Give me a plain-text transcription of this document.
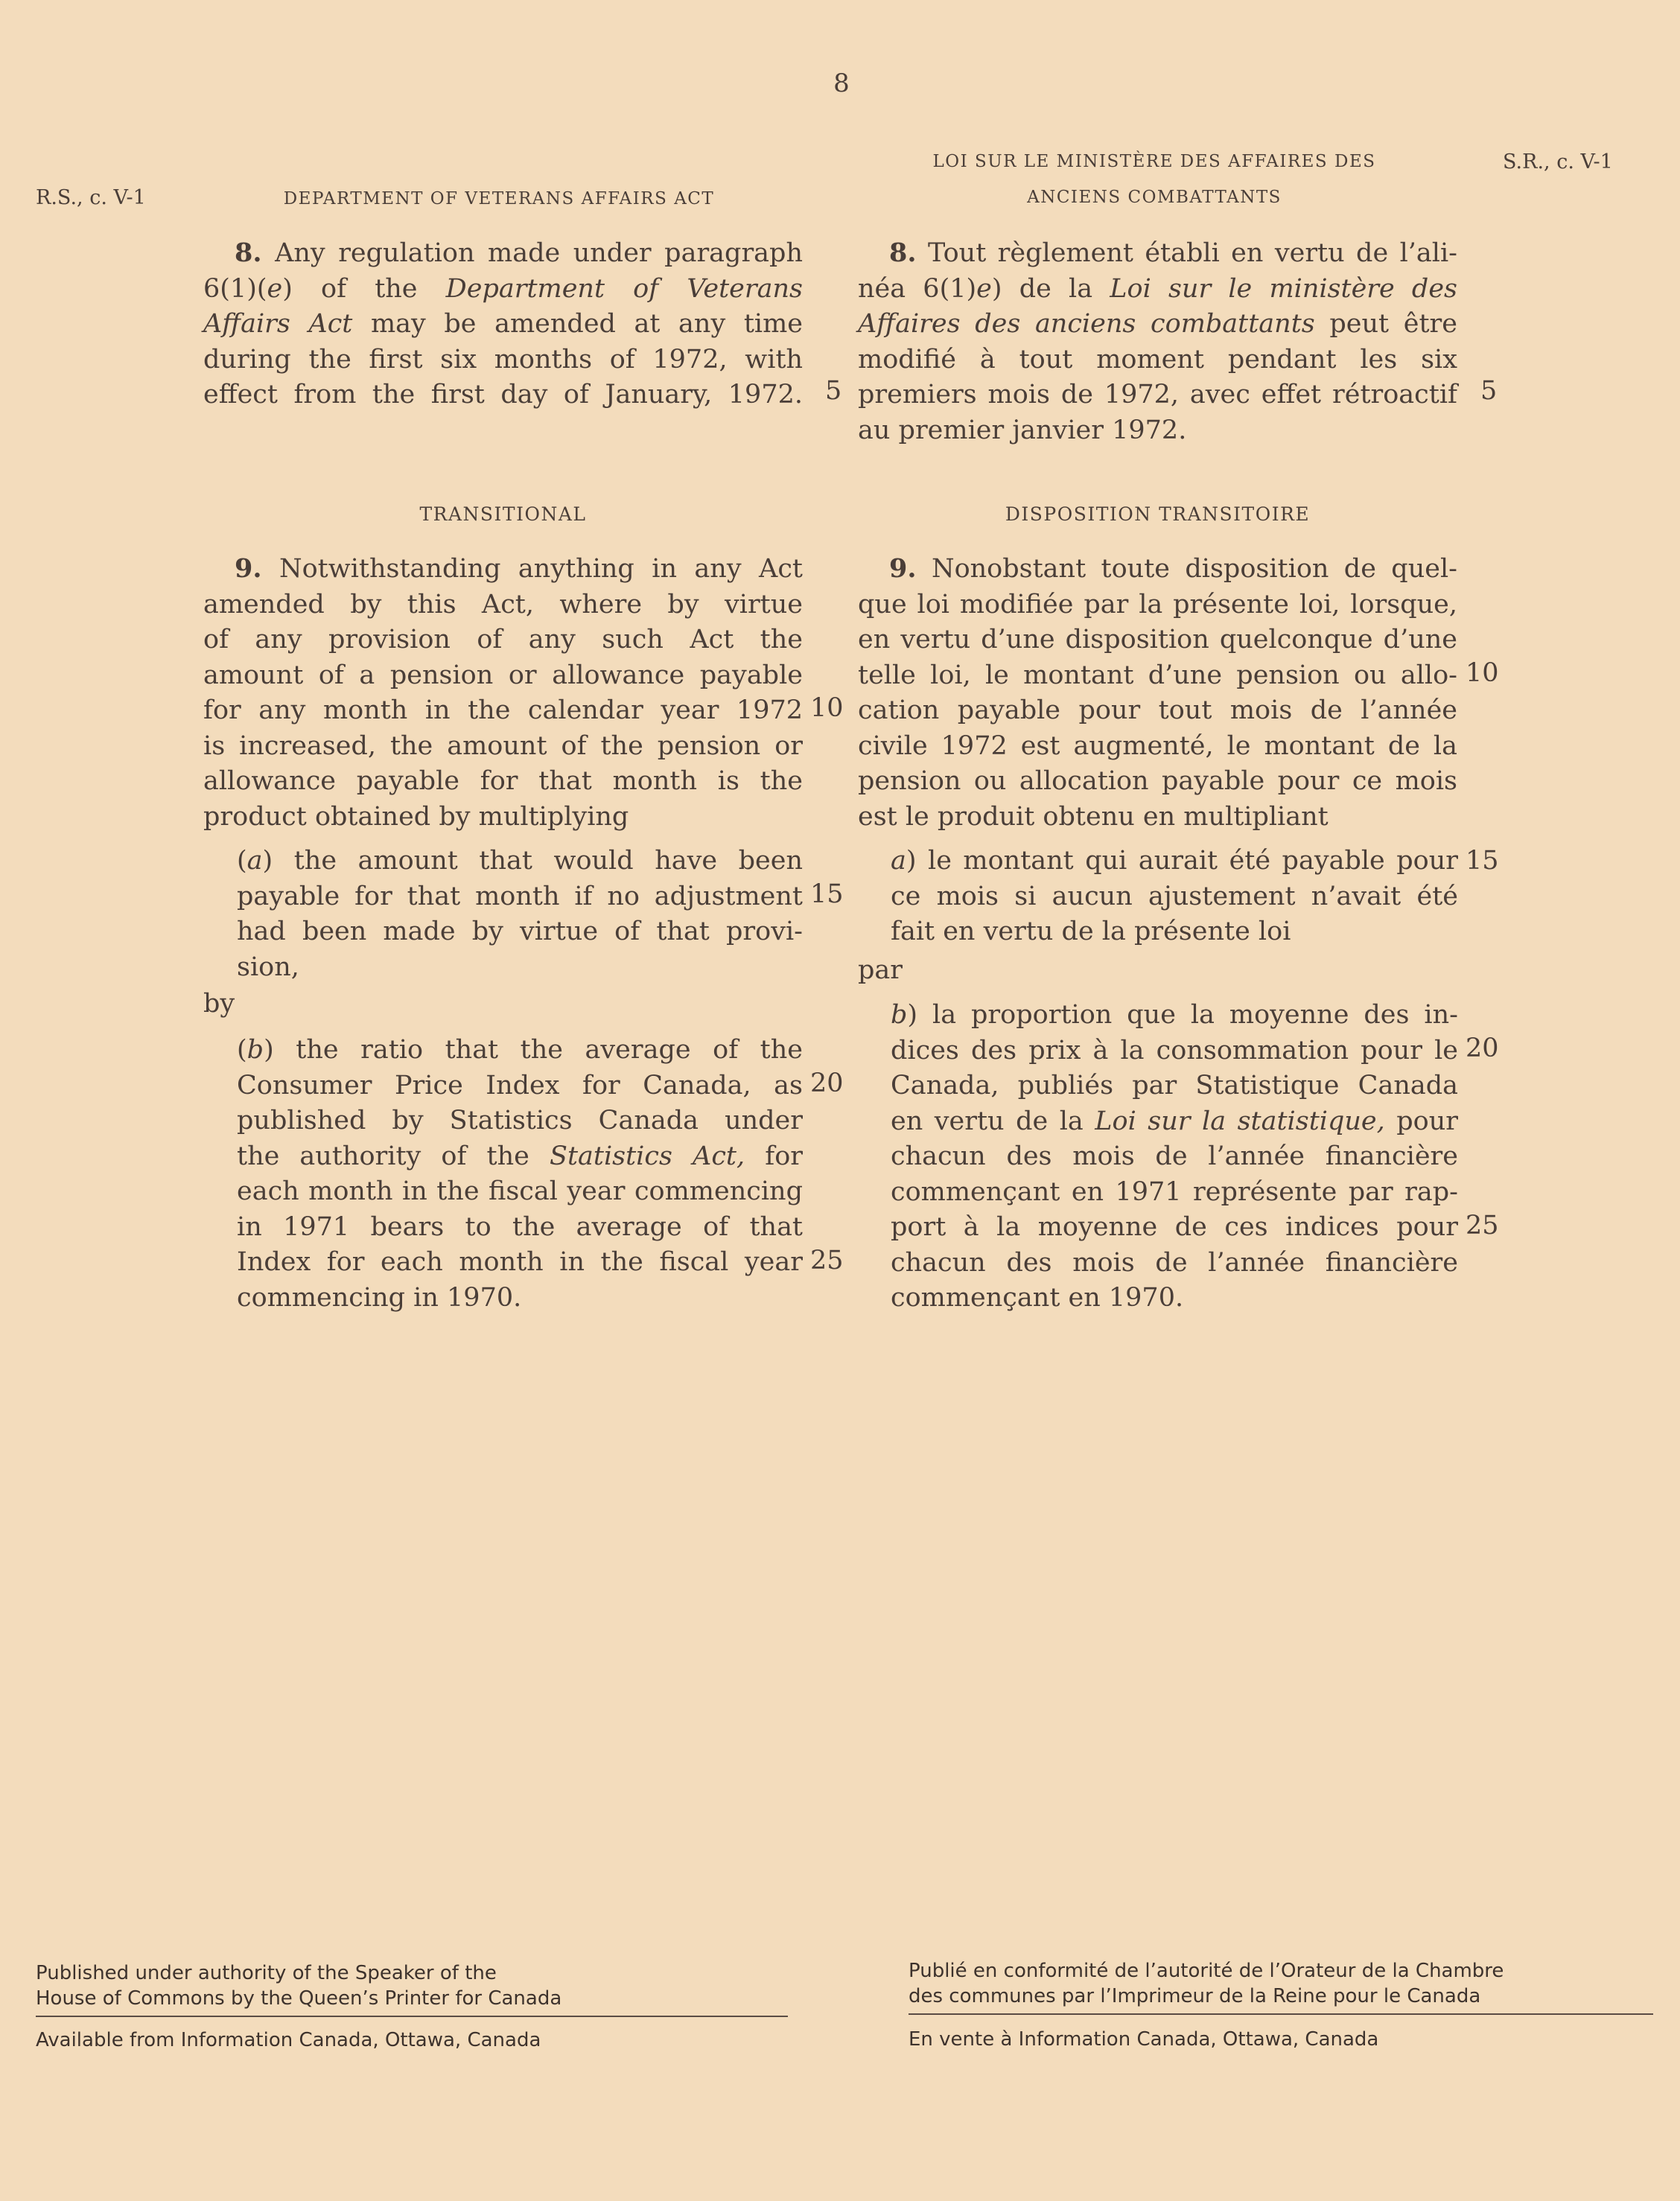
8
R.S., c. V-1	DEPARTMENT OF VETERANS AFFAIRS ACT
LOI SUR LE MINISTÈRE DES AFFAIRES DES
ANCIENS COMBATTANTS
S.R., c. V-1
8. Any regulation made under paragraph
6(1)(e) of the Department of Veterans
Affairs Act may be amended at any time
during the first six months of 1972, with
effect from the first day of January, 1972.
TRANSITIONAL
9. Notwithstanding anything in any Act
amended by this Act, where by virtue
of any provision of any such Act the
amount of a pension or allowance payable
for any month in the calendar year 1972
is increased, the amount of the pension or
allowance payable for that month is the
product obtained by multiplying
(a) the amount that would have been
payable for that month if no adjustment
had been made by virtue of that provi-
sion,
by
(b) the ratio that the average of the
Consumer Price Index for Canada, as
published by Statistics Canada under
the authority of the Statistics Act, for
each month in the fiscal year commencing
in 1971 bears to the average of that
Index for each month in the fiscal year
commencing in 1970.
5
10
15
20
25
8. Tout règlement établi en vertu de l’ali-
néa 6(1)e) de la Loi sur le ministère des
Affaires des anciens combattants peut être
modifié à tout moment pendant les six
premiers mois de 1972, avec effet rétroactif
au premier janvier 1972.
DISPOSITION TRANSITOIRE
9. Nonobstant toute disposition de quel-
que loi modifiée par la présente loi, lorsque,
en vertu d’une disposition quelconque d’une
telle loi, le montant d’une pension ou allo-
cation payable pour tout mois de l’année
civile 1972 est augmenté, le montant de la
pension ou allocation payable pour ce mois
est le produit obtenu en multipliant
a) le montant qui aurait été payable pour
ce mois si aucun ajustement n’avait été
fait en vertu de la présente loi
par
b) la proportion que la moyenne des in-
dices des prix à la consommation pour le
Canada, publiés par Statistique Canada
en vertu de la Loi sur la statistique, pour
chacun des mois de l’année financière
commençant en 1971 représente par rap-
port à la moyenne de ces indices pour
chacun des mois de l’année financière
commençant en 1970.
5
10
15
20
25
Published under authority of the Speaker of the
House of Commons by the Queen’s Printer for Canada
Available from Information Canada, Ottawa, Canada
Publié en conformité de l’autorité de l’Orateur de la Chambre
des communes par l’Imprimeur de la Reine pour le Canada
En vente à Information Canada, Ottawa, Canada
